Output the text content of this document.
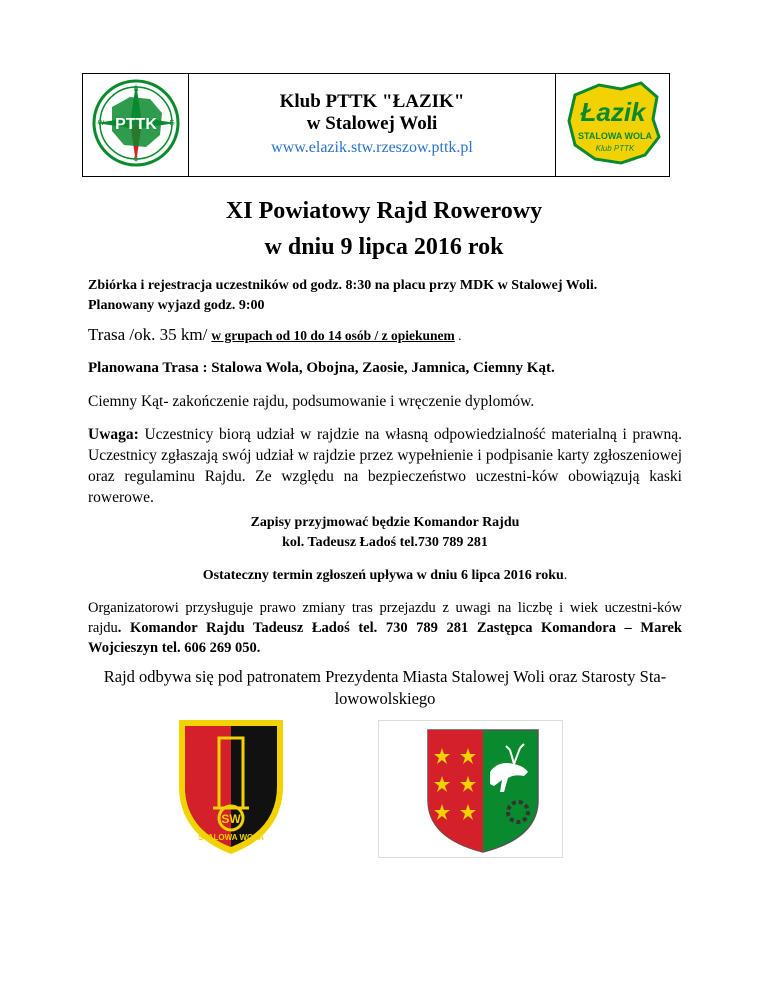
PTTK
N
E
S
W

Klub PTTK "ŁAZIK"
w Stalowej Woli
www.elazik.stw.rzeszow.pttk.pl

Łazik
STALOWA WOLA
Klub PTTK
XI Powiatowy Rajd Rowerowy
w dniu 9 lipca 2016 rok
Zbiórka i rejestracja uczestników od godz. 8:30 na placu przy MDK w Stalowej Woli.
Planowany wyjazd godz. 9:00
Trasa /ok. 35 km/ w grupach od 10 do 14 osób / z opiekunem .
Planowana Trasa : Stalowa Wola, Obojna, Zaosie, Jamnica, Ciemny Kąt.
Ciemny Kąt- zakończenie rajdu, podsumowanie i wręczenie dyplomów.
Uwaga: Uczestnicy biorą udział w rajdzie na własną odpowiedzialność materialną i prawną. Uczestnicy zgłaszają swój udział w rajdzie przez wypełnienie i podpisanie karty zgłoszeniowej oraz regulaminu Rajdu. Ze względu na bezpieczeństwo uczestni-ków obowiązują kaski rowerowe.
Zapisy przyjmować będzie Komandor Rajdu
kol. Tadeusz Ładoś tel.730 789 281
Ostateczny termin zgłoszeń upływa w dniu 6 lipca 2016 roku.
Organizatorowi przysługuje prawo zmiany tras przejazdu z uwagi na liczbę i wiek uczestni-ków rajdu. Komandor Rajdu Tadeusz Ładoś tel. 730 789 281 Zastępca Komandora – Marek Wojcieszyn tel. 606 269 050.
Rajd odbywa się pod patronatem Prezydenta Miasta Stalowej Woli oraz Starosty Sta-lowowolskiego
SW
STALOWA WOLA
